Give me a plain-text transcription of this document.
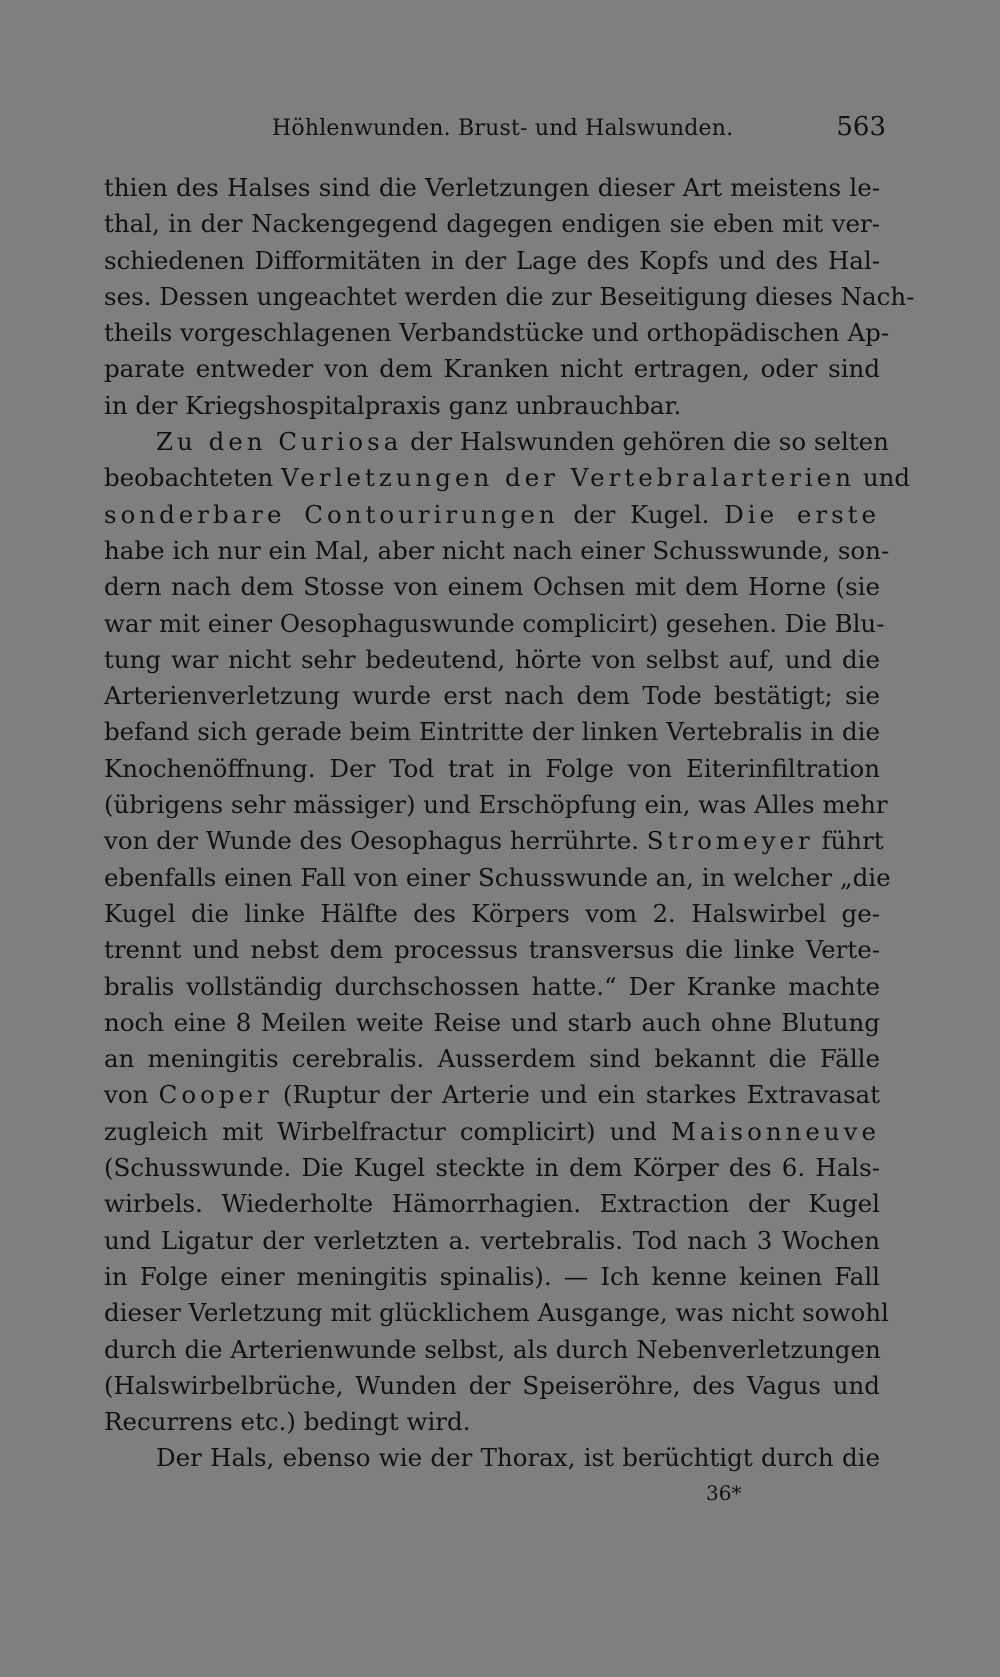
Höhlenwunden. Brust- und Halswunden.	563
thien des Halses sind die Verletzungen dieser Art meistens le-
thal, in der Nackengegend dagegen endigen sie eben mit ver-
schiedenen Difformitäten in der Lage des Kopfs und des Hal-
ses. Dessen ungeachtet werden die zur Beseitigung dieses Nach-
theils vorgeschlagenen Verbandstücke und orthopädischen Ap-
parate entweder von dem Kranken nicht ertragen, oder sind
in der Kriegshospitalpraxis ganz unbrauchbar.
Zu den Curiosa der Halswunden gehören die so selten
beobachteten Verletzungen der Vertebralarterien und
sonderbare Contourirungen der Kugel. Die erste
habe ich nur ein Mal, aber nicht nach einer Schusswunde, son-
dern nach dem Stosse von einem Ochsen mit dem Horne (sie
war mit einer Oesophaguswunde complicirt) gesehen. Die Blu-
tung war nicht sehr bedeutend, hörte von selbst auf, und die
Arterienverletzung wurde erst nach dem Tode bestätigt; sie
befand sich gerade beim Eintritte der linken Vertebralis in die
Knochenöffnung. Der Tod trat in Folge von Eiterinfiltration
(übrigens sehr mässiger) und Erschöpfung ein, was Alles mehr
von der Wunde des Oesophagus herrührte. Stromeyer führt
ebenfalls einen Fall von einer Schusswunde an, in welcher „die
Kugel die linke Hälfte des Körpers vom 2. Halswirbel ge-
trennt und nebst dem processus transversus die linke Verte-
bralis vollständig durchschossen hatte.“ Der Kranke machte
noch eine 8 Meilen weite Reise und starb auch ohne Blutung
an meningitis cerebralis. Ausserdem sind bekannt die Fälle
von Cooper (Ruptur der Arterie und ein starkes Extravasat
zugleich mit Wirbelfractur complicirt) und Maisonneuve
(Schusswunde. Die Kugel steckte in dem Körper des 6. Hals-
wirbels. Wiederholte Hämorrhagien. Extraction der Kugel
und Ligatur der verletzten a. vertebralis. Tod nach 3 Wochen
in Folge einer meningitis spinalis). — Ich kenne keinen Fall
dieser Verletzung mit glücklichem Ausgange, was nicht sowohl
durch die Arterienwunde selbst, als durch Nebenverletzungen
(Halswirbelbrüche, Wunden der Speiseröhre, des Vagus und
Recurrens etc.) bedingt wird.
Der Hals, ebenso wie der Thorax, ist berüchtigt durch die
36*
